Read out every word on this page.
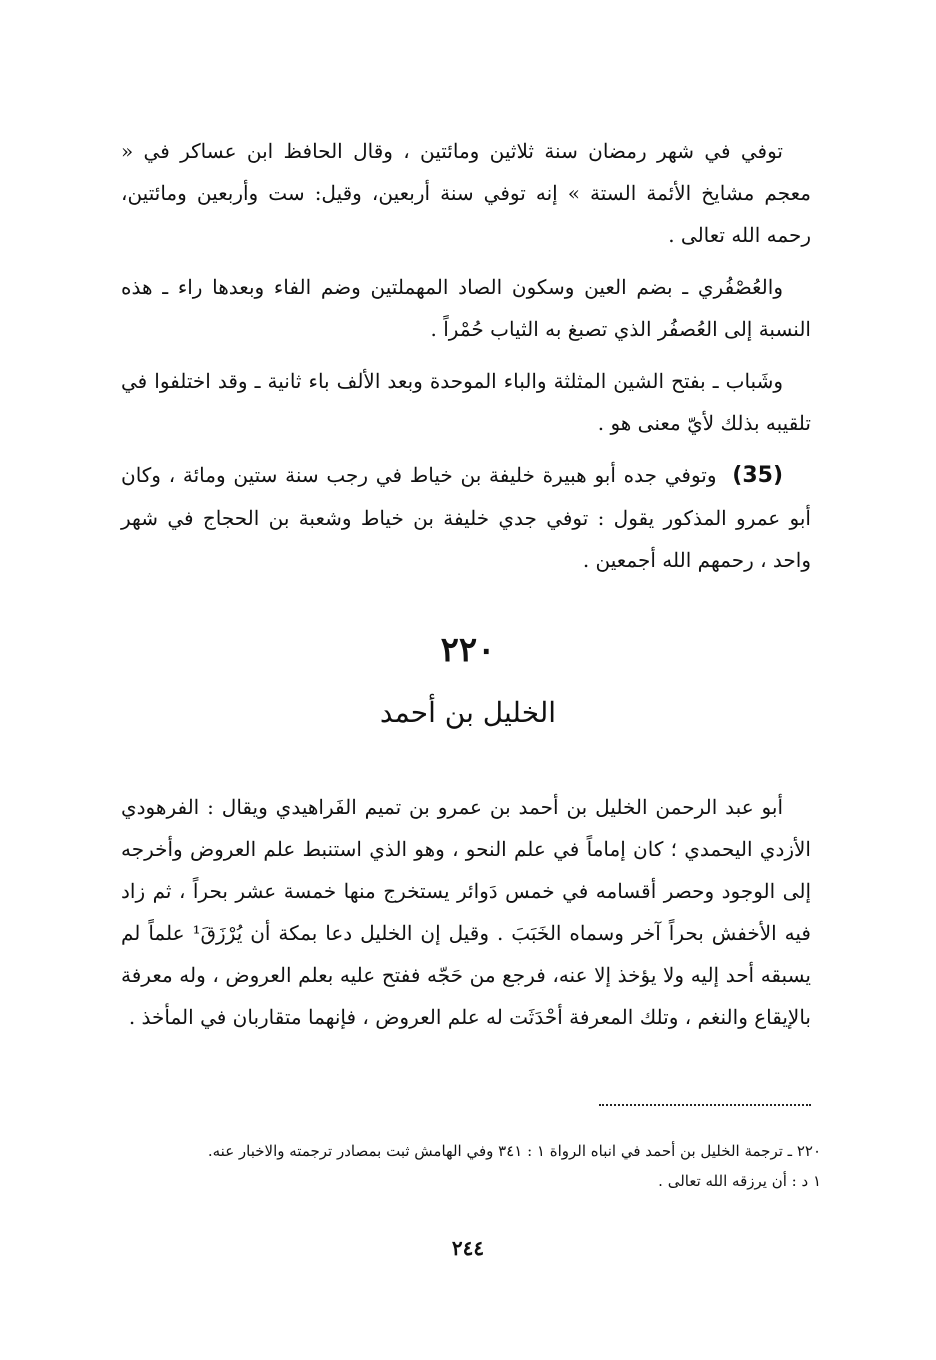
توفي في شهر رمضان سنة ثلاثين ومائتين ، وقال الحافظ ابن عساكر في « معجم مشايخ الأئمة الستة » إنه توفي سنة أربعين، وقيل: ست وأربعين ومائتين، رحمه الله تعالى .

والعُصْفُري ـ بضم العين وسكون الصاد المهملتين وضم الفاء وبعدها راء ـ هذه النسبة إلى العُصفُر الذي تصبغ به الثياب حُمْراً .

وشَباب ـ بفتح الشين المثلثة والباء الموحدة وبعد الألف باء ثانية ـ وقد اختلفوا في تلقيبه بذلك لأيّ معنى هو .

(35) وتوفي جده أبو هبيرة خليفة بن خياط في رجب سنة ستين ومائة ، وكان أبو عمرو المذكور يقول : توفي جدي خليفة بن خياط وشعبة بن الحجاج في شهر واحد ، رحمهم الله أجمعين .

٢٢٠
الخليل بن أحمد

أبو عبد الرحمن الخليل بن أحمد بن عمرو بن تميم الفَراهيدي ويقال : الفرهودي الأزدي اليحمدي ؛ كان إماماً في علم النحو ، وهو الذي استنبط علم العروض وأخرجه إلى الوجود وحصر أقسامه في خمس دَوائر يستخرج منها خمسة عشر بحراً ، ثم زاد فيه الأخفش بحراً آخر وسماه الخَبَبَ . وقيل إن الخليل دعا بمكة أن يُرْزَقَ¹ علماً لم يسبقه أحد إليه ولا يؤخذ إلا عنه، فرجع من حَجّه ففتح عليه بعلم العروض ، وله معرفة بالإيقاع والنغم ، وتلك المعرفة أحْدَثَت له علم العروض ، فإنهما متقاربان في المأخذ .

٢٢٠ ـ ترجمة الخليل بن أحمد في انباه الرواة ١ : ٣٤١ وفي الهامش ثبت بمصادر ترجمته والاخبار عنه.

١ د : أن يرزقه الله تعالى .

٢٤٤
